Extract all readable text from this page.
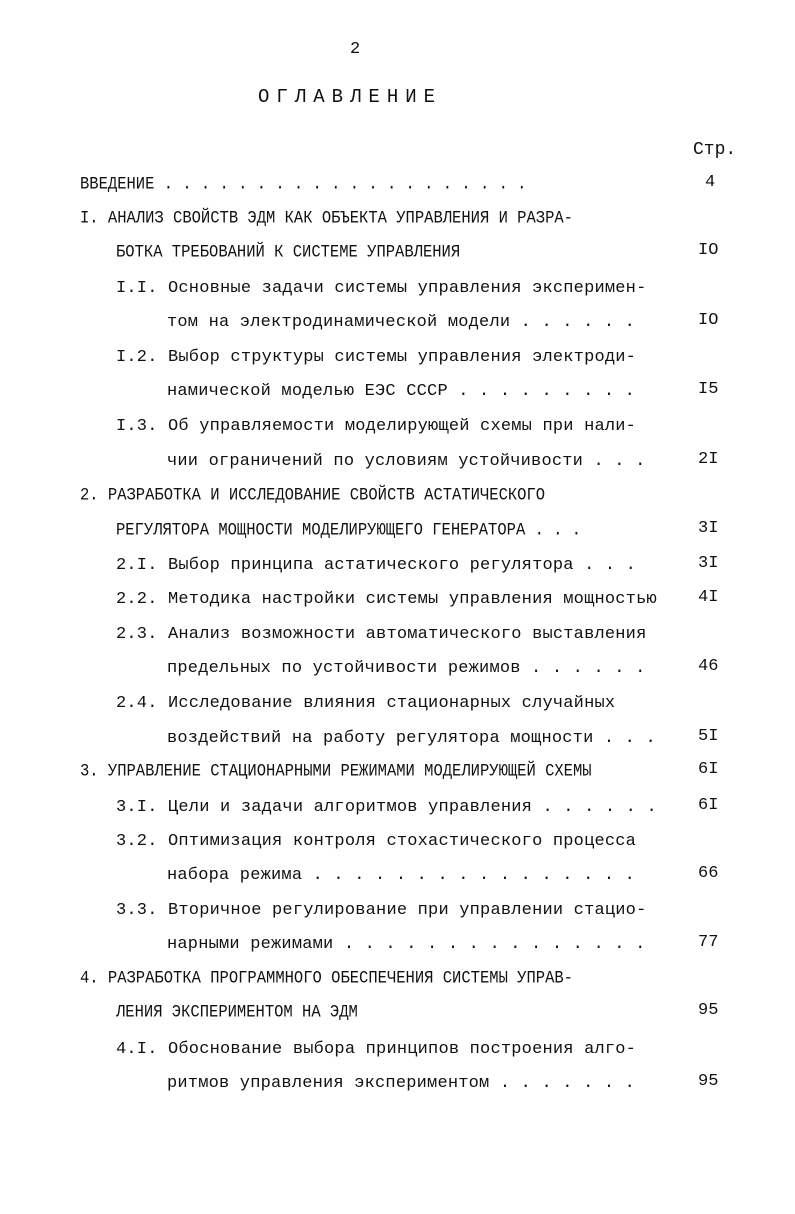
2
ОГЛАВЛЕНИЕ
Стр.
ВВЕДЕНИЕ . . . . . . . . . . . . . . . . . . . .	4
I. АНАЛИЗ СВОЙСТВ ЭДМ КАК ОБЪЕКТА УПРАВЛЕНИЯ И РАЗРА-
БОТКА ТРЕБОВАНИЙ К СИСТЕМЕ УПРАВЛЕНИЯ	IO
I.I. Основные задачи системы управления эксперимен-
том на электродинамической модели . . . . . .	IO
I.2. Выбор структуры системы управления электроди-
намической моделью ЕЭС СССР . . . . . . . . .	I5
I.3. Об управляемости моделирующей схемы при нали-
чии ограничений по условиям устойчивости . . .	2I
2. РАЗРАБОТКА И ИССЛЕДОВАНИЕ СВОЙСТВ АСТАТИЧЕСКОГО
РЕГУЛЯТОРА МОЩНОСТИ МОДЕЛИРУЮЩЕГО ГЕНЕРАТОРА . . .	3I
2.I. Выбор принципа астатического регулятора . . .	3I
2.2. Методика настройки системы управления мощностью 4I
2.3. Анализ возможности автоматического выставления
предельных по устойчивости режимов . . . . . .	46
2.4. Исследование влияния стационарных случайных
воздействий на работу регулятора мощности . . . 5I
3. УПРАВЛЕНИЕ СТАЦИОНАРНЫМИ РЕЖИМАМИ МОДЕЛИРУЮЩЕЙ СХЕМЫ	6I
3.I. Цели и задачи алгоритмов управления . . . . . . 6I
3.2. Оптимизация контроля стохастического процесса
набора режима . . . . . . . . . . . . . . . .	66
3.3. Вторичное регулирование при управлении стацио-
нарными режимами . . . . . . . . . . . . . . .	77
4. РАЗРАБОТКА ПРОГРАММНОГО ОБЕСПЕЧЕНИЯ СИСТЕМЫ УПРАВ-
ЛЕНИЯ ЭКСПЕРИМЕНТОМ НА ЭДМ	95
4.I. Обоснование выбора принципов построения алго-
ритмов управления экспериментом . . . . . . .	95
